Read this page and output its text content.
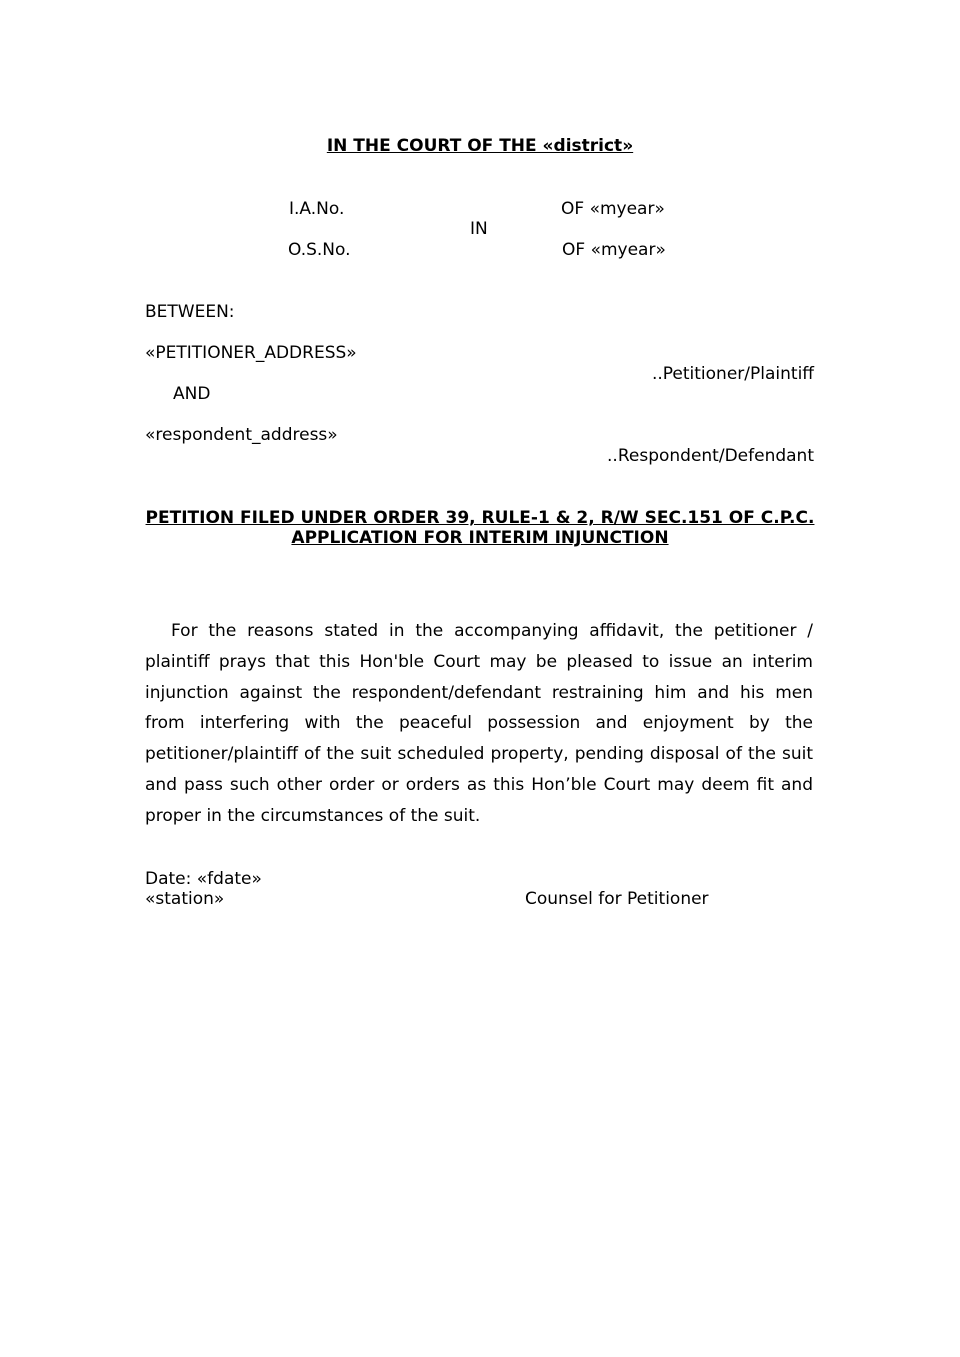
IN THE COURT OF THE «district»
I.A.No.	OF «myear»
IN
O.S.No.	OF «myear»
BETWEEN:
«PETITIONER_ADDRESS»
..Petitioner/Plaintiff
AND
«respondent_address»
..Respondent/Defendant
PETITION FILED UNDER ORDER 39, RULE-1 & 2, R/W SEC.151 OF C.P.C.
APPLICATION FOR INTERIM INJUNCTION

For the reasons stated in the accompanying affidavit, the petitioner / plaintiff prays that this Hon'ble Court may be pleased to issue an interim injunction against the respondent/defendant restraining him and his men from interfering with the peaceful possession and enjoyment by the petitioner/plaintiff of the suit scheduled property, pending disposal of the suit and pass such other order or orders as this Hon’ble Court may deem fit and proper in the circumstances of the suit.

Date: «fdate»
«station»	Counsel for Petitioner
